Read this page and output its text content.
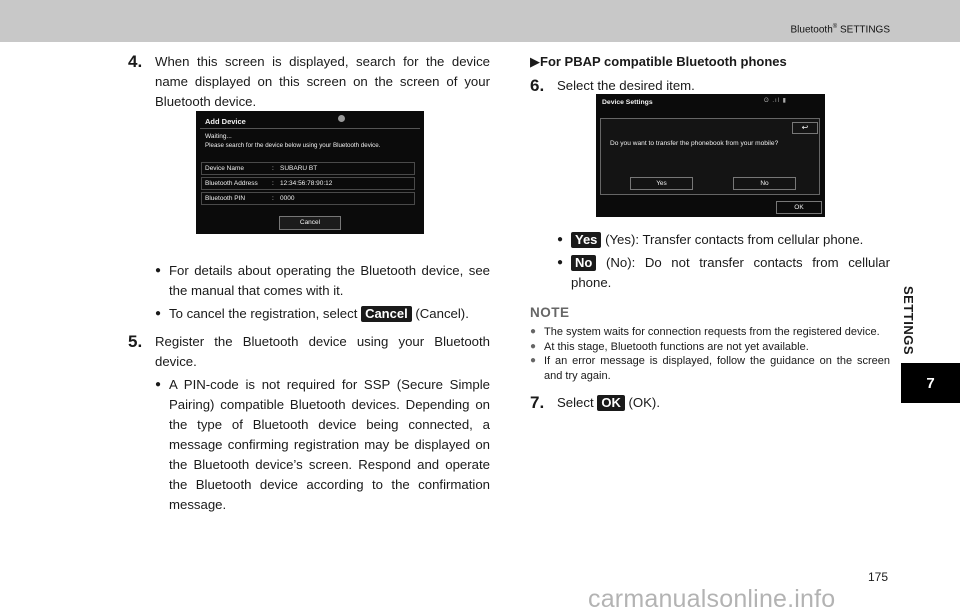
Bluetooth® SETTINGS
SETTINGS
7
4. When this screen is displayed, search for the device name displayed on this screen on the screen of your Bluetooth device.
● For details about operating the Bluetooth device, see the manual that comes with it.
● To cancel the registration, select Cancel (Cancel).
5. Register the Bluetooth device using your Bluetooth device.
● A PIN-code is not required for SSP (Secure Simple Pairing) compatible Bluetooth devices. Depending on the type of Bluetooth device being connected, a message confirming registration may be displayed on the Bluetooth device’s screen. Respond and operate the Bluetooth device according to the confirmation message.
Add Device
Waiting...
Please search for the device below using your Bluetooth device.
Device Name	: SUBARU BT
Bluetooth Address : 12:34:56:78:90:12
Bluetooth PIN	: 0000
Cancel
▶For PBAP compatible Bluetooth phones
6. Select the desired item.
● Yes (Yes): Transfer contacts from cellular phone.
● No (No): Do not transfer contacts from cellular phone.
NOTE
● The system waits for connection requests from the registered device.
● At this stage, Bluetooth functions are not yet available.
● If an error message is displayed, follow the guidance on the screen and try again.
7. Select OK (OK).
Device Settings	ʘ .ıl ▮
↩
Do you want to transfer the phonebook from your mobile?
Yes	No
OK
175
carmanualsonline.info
